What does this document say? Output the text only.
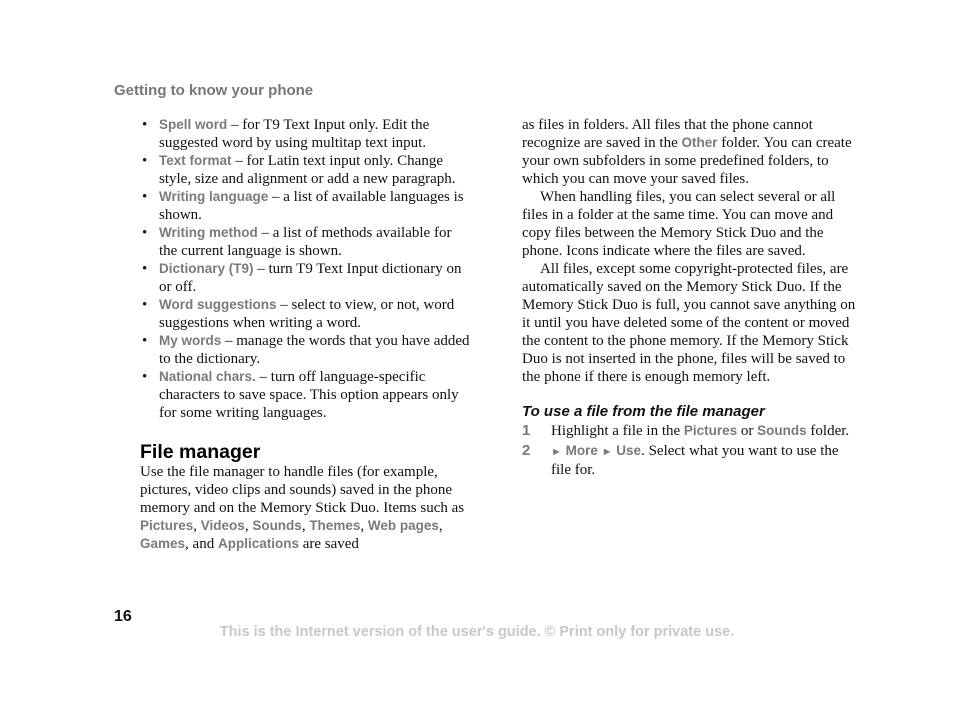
Getting to know your phone
• Spell word – for T9 Text Input only. Edit the suggested word by using multitap text input.
• Text format – for Latin text input only. Change style, size and alignment or add a new paragraph.
• Writing language – a list of available languages is shown.
• Writing method – a list of methods available for the current language is shown.
• Dictionary (T9) – turn T9 Text Input dictionary on or off.
• Word suggestions – select to view, or not, word suggestions when writing a word.
• My words – manage the words that you have added to the dictionary.
• National chars. – turn off language-specific characters to save space. This option appears only for some writing languages.
File manager

Use the file manager to handle files (for example, pictures, video clips and sounds) saved in the phone memory and on the Memory Stick Duo. Items such as Pictures, Videos, Sounds, Themes, Web pages, Games, and Applications are saved

as files in folders. All files that the phone cannot recognize are saved in the Other folder. You can create your own subfolders in some predefined folders, to which you can move your saved files.

When handling files, you can select several or all files in a folder at the same time. You can move and copy files between the Memory Stick Duo and the phone. Icons indicate where the files are saved.

All files, except some copyright-protected files, are automatically saved on the Memory Stick Duo. If the Memory Stick Duo is full, you cannot save anything on it until you have deleted some of the content or moved the content to the phone memory. If the Memory Stick Duo is not inserted in the phone, files will be saved to the phone if there is enough memory left.

To use a file from the file manager
1 Highlight a file in the Pictures or Sounds folder.
2 ► More ► Use. Select what you want to use the file for.
16
This is the Internet version of the user's guide. © Print only for private use.
